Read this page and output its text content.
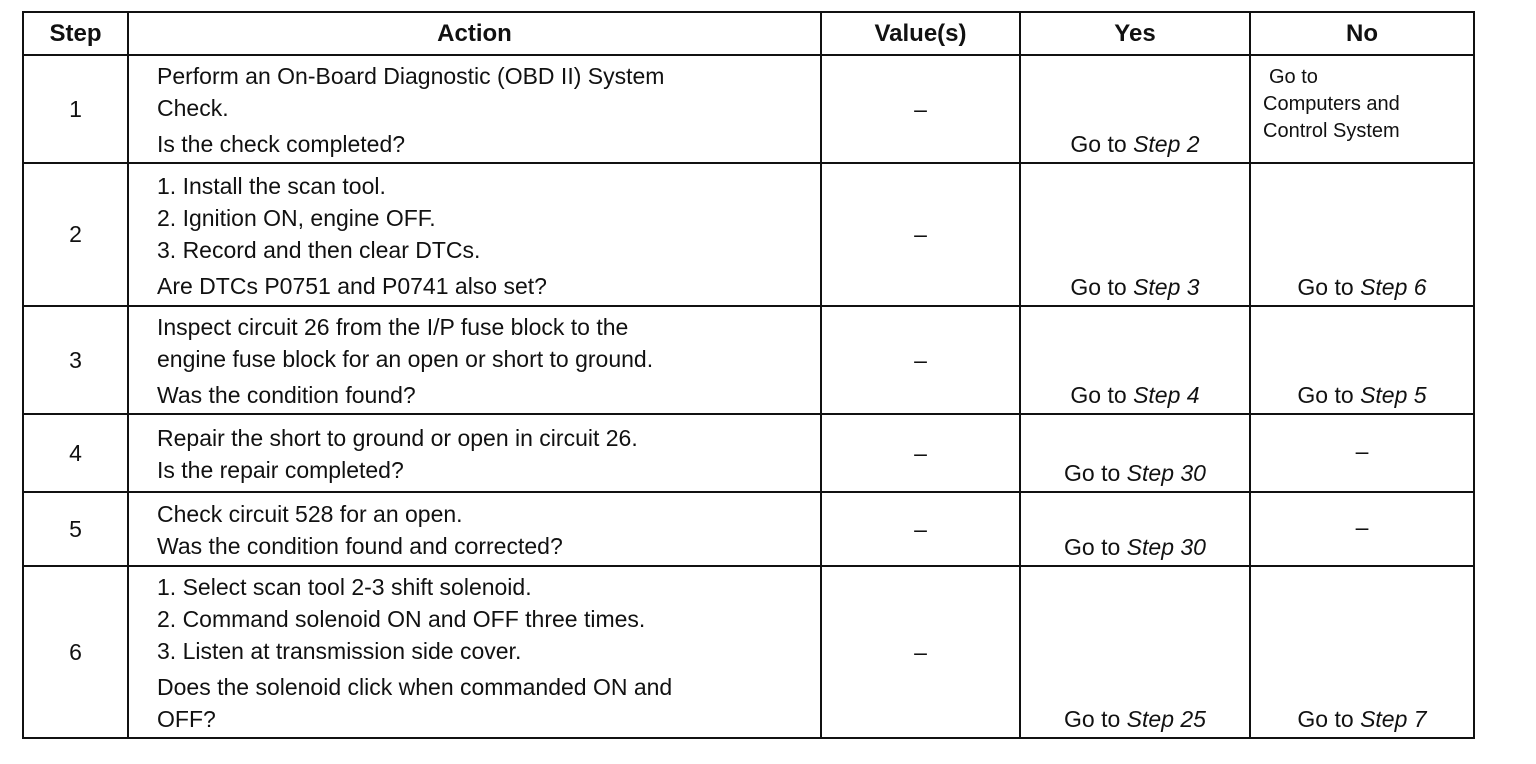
Step	Action	Value(s)	Yes	No
1	Perform an On-Board Diagnostic (OBD II) System
Check.
Is the check completed?	–	Go to Step 2	Go to
Computers and
Control System

2	1. Install the scan tool.
2. Ignition ON, engine OFF.
3. Record and then clear DTCs.
Are DTCs P0751 and P0741 also set?	–	Go to Step 3	Go to Step 6
3	Inspect circuit 26 from the I/P fuse block to the
engine fuse block for an open or short to ground.
Was the condition found?	–	Go to Step 4	Go to Step 5
4	Repair the short to ground or open in circuit 26.
Is the repair completed?	–	Go to Step 30	–
5	Check circuit 528 for an open.
Was the condition found and corrected?	–	Go to Step 30	–
6	1. Select scan tool 2-3 shift solenoid.
2. Command solenoid ON and OFF three times.
3. Listen at transmission side cover.
Does the solenoid click when commanded ON and
OFF?	–	Go to Step 25	Go to Step 7
